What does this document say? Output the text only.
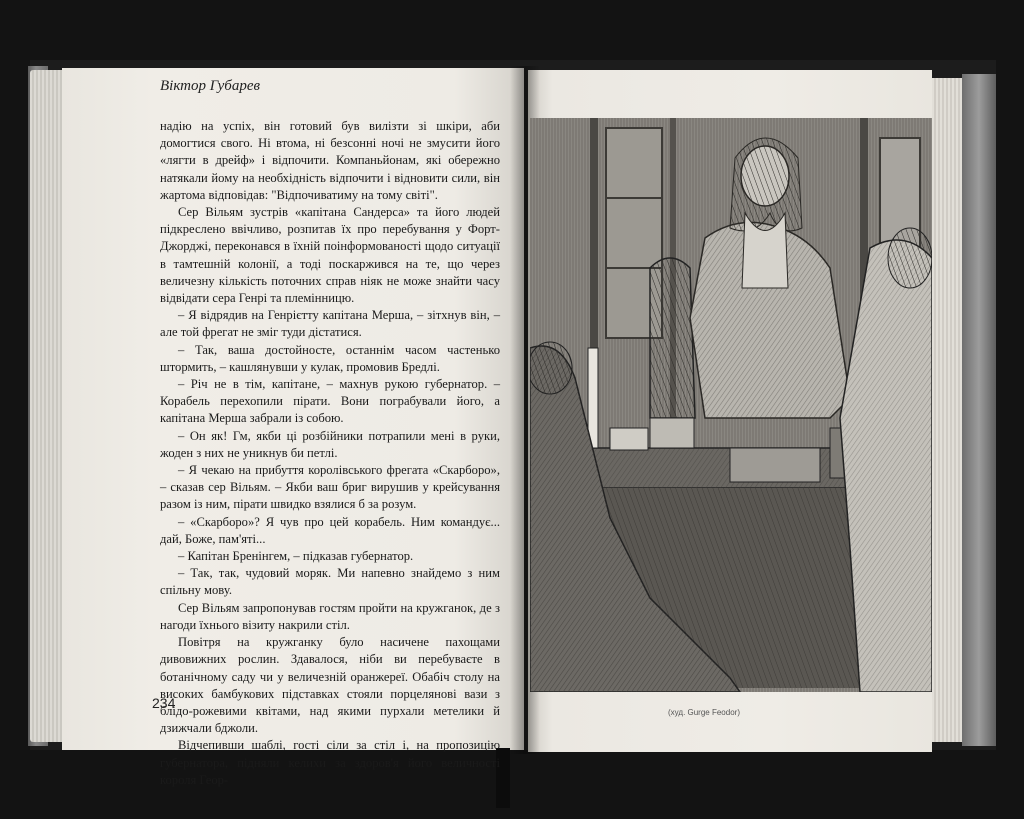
Віктор Губарев

надію на успіх, він готовий був вилізти зі шкіри, аби домогтися свого. Ні втома, ні безсонні ночі не змусити його «лягти в дрейф» і відпочити. Компаньйонам, які обережно натякали йому на необхідність відпочити і відновити сили, він жартома відповідав: "Відпочиватиму на тому світі".

Сер Вільям зустрів «капітана Сандерса» та його людей підкреслено ввічливо, розпитав їх про перебування у Форт-Джорджі, переконався в їхній поінформованості щодо ситуації в тамтешній колонії, а тоді поскаржився на те, що через величезну кількість поточних справ ніяк не може знайти часу відвідати сера Генрі та племінницю.

– Я відрядив на Генрієтту капітана Мерша, – зітхнув він, – але той фрегат не зміг туди дістатися.

– Так, ваша достойносте, останнім часом частенько штормить, – кашлянувши у кулак, промовив Бредлі.

– Річ не в тім, капітане, – махнув рукою губернатор. – Корабель перехопили пірати. Вони пограбували його, а капітана Мерша забрали із собою.

– Он як! Гм, якби ці розбійники потрапили мені в руки, жоден з них не уникнув би петлі.

– Я чекаю на прибуття королівського фрегата «Скарборо», – сказав сер Вільям. – Якби ваш бриг вирушив у крейсування разом із ним, пірати швидко взялися б за розум.

– «Скарборо»? Я чув про цей корабель. Ним командує... дай, Боже, пам'яті...

– Капітан Бренінгем, – підказав губернатор.

– Так, так, чудовий моряк. Ми напевно знайдемо з ним спільну мову.

Сер Вільям запропонував гостям пройти на кружганок, де з нагоди їхнього візиту накрили стіл.

Повітря на кружганку було насичене пахощами дивовижних рослин. Здавалося, ніби ви перебуваєте в ботанічному саду чи у величезній оранжереї. Обабіч столу на високих бамбукових підставках стояли порцелянові вази з блідо-рожевими квітами, над якими пурхали метелики й дзижчали бджоли.

Відчепивши шаблі, гості сіли за стіл і, на пропозицію губернатора, підняли келихи за здоров'я його величності короля Геор-

234
(худ. Gurge Feodor)
